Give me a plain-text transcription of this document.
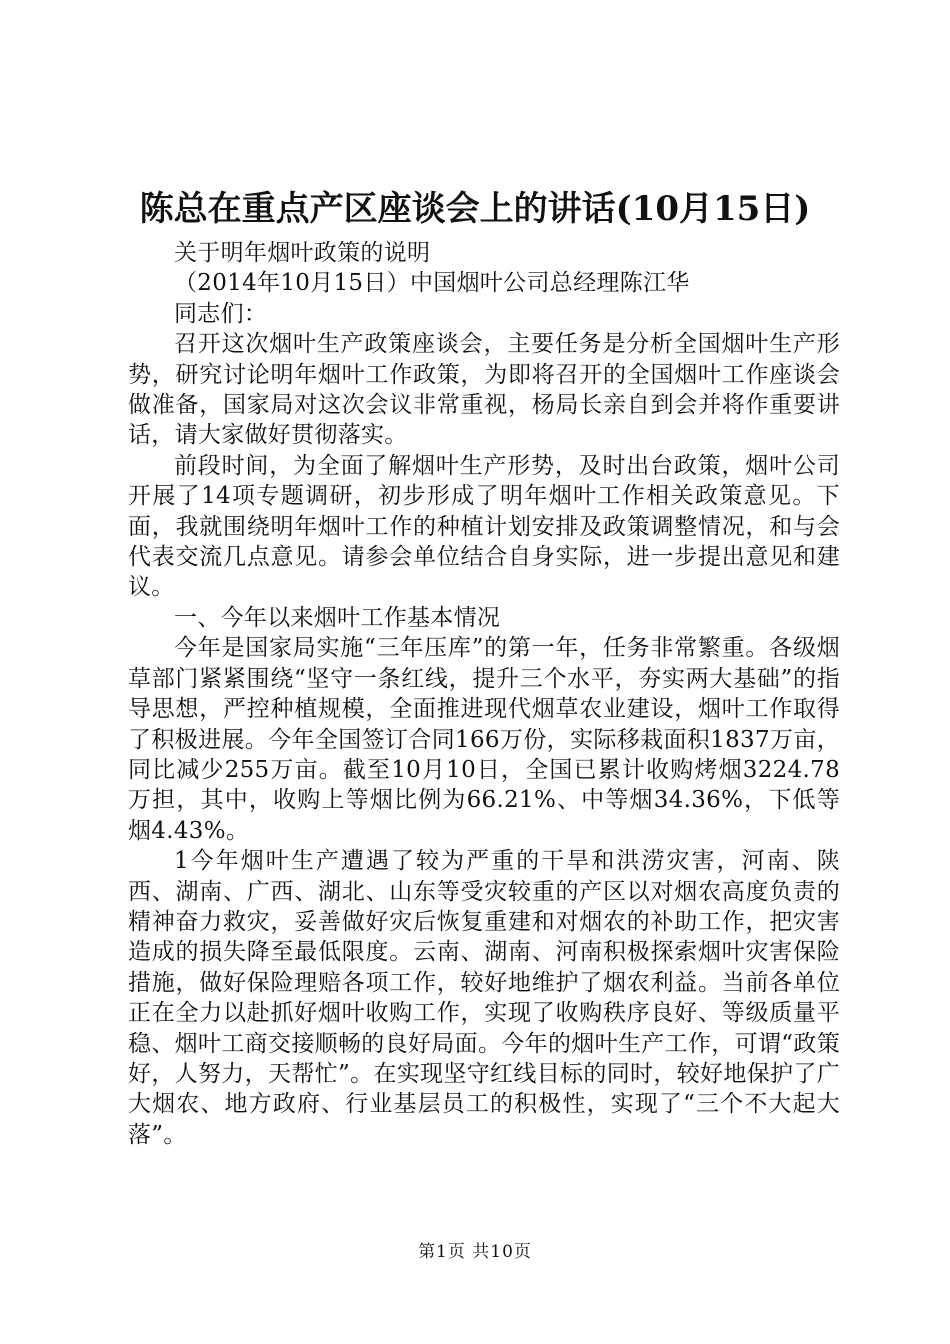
陈总在重点产区座谈会上的讲话(10月15日)

关于明年烟叶政策的说明

（2014年10月15日）中国烟叶公司总经理陈江华

同志们：

召开这次烟叶生产政策座谈会，主要任务是分析全国烟叶生产形势，研究讨论明年烟叶工作政策，为即将召开的全国烟叶工作座谈会做准备，国家局对这次会议非常重视，杨局长亲自到会并将作重要讲话，请大家做好贯彻落实。

前段时间，为全面了解烟叶生产形势，及时出台政策，烟叶公司开展了14项专题调研，初步形成了明年烟叶工作相关政策意见。下面，我就围绕明年烟叶工作的种植计划安排及政策调整情况，和与会代表交流几点意见。请参会单位结合自身实际，进一步提出意见和建议。

一、今年以来烟叶工作基本情况

今年是国家局实施“三年压库”的第一年，任务非常繁重。各级烟草部门紧紧围绕“坚守一条红线，提升三个水平，夯实两大基础”的指导思想，严控种植规模，全面推进现代烟草农业建设，烟叶工作取得了积极进展。今年全国签订合同166万份，实际移栽面积1837万亩，同比减少255万亩。截至10月10日，全国已累计收购烤烟3224.78万担，其中，收购上等烟比例为66.21%、中等烟34.36%，下低等烟4.43%。

1今年烟叶生产遭遇了较为严重的干旱和洪涝灾害，河南、陕西、湖南、广西、湖北、山东等受灾较重的产区以对烟农高度负责的精神奋力救灾，妥善做好灾后恢复重建和对烟农的补助工作，把灾害造成的损失降至最低限度。云南、湖南、河南积极探索烟叶灾害保险措施，做好保险理赔各项工作，较好地维护了烟农利益。当前各单位正在全力以赴抓好烟叶收购工作，实现了收购秩序良好、等级质量平稳、烟叶工商交接顺畅的良好局面。今年的烟叶生产工作，可谓“政策好，人努力，天帮忙”。在实现坚守红线目标的同时，较好地保护了广大烟农、地方政府、行业基层员工的积极性，实现了“三个不大起大落”。

第1页 共10页
